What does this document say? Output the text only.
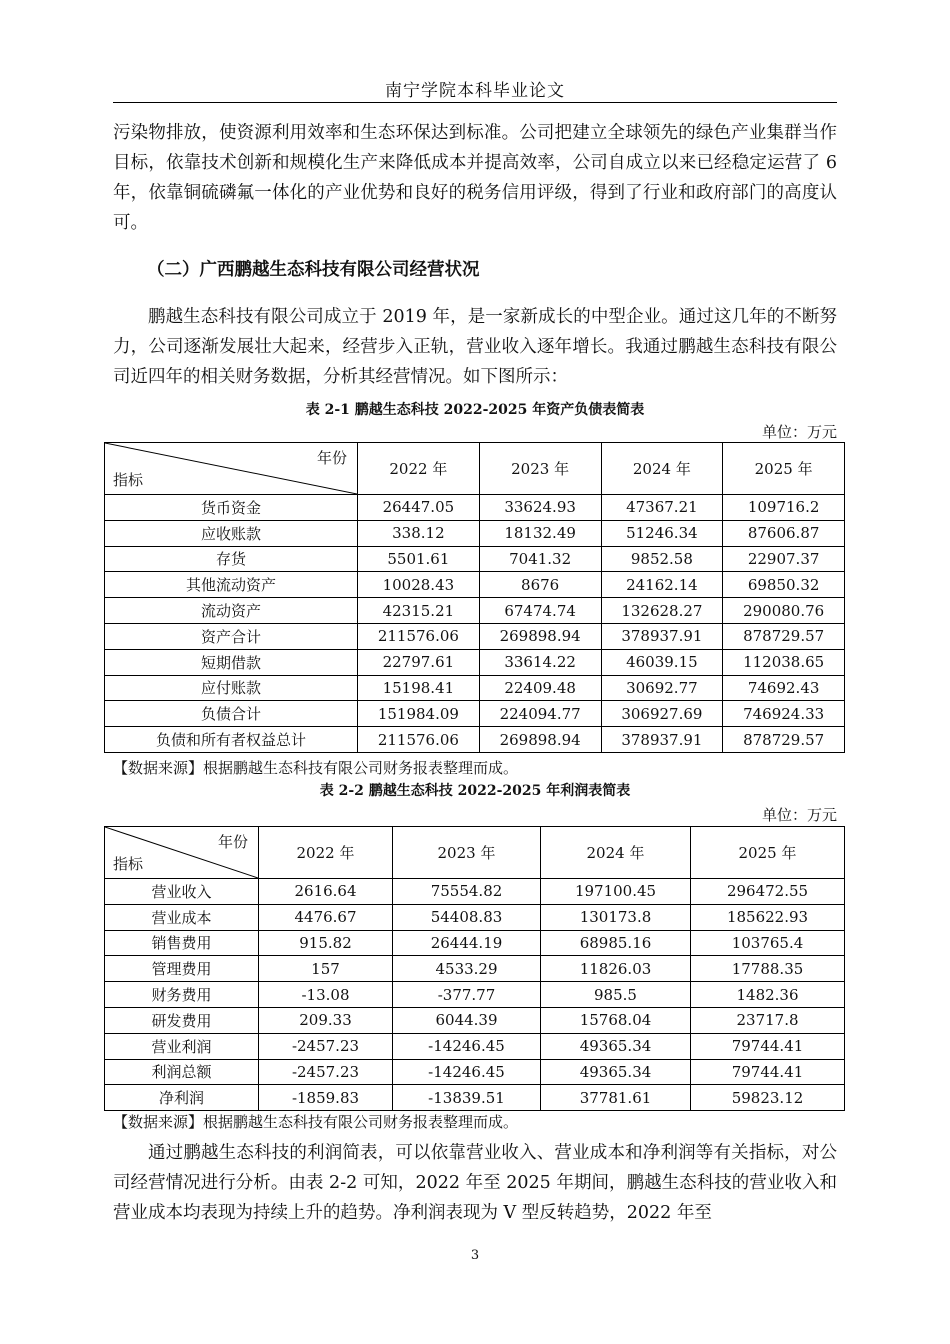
南宁学院本科毕业论文

污染物排放，使资源利用效率和生态环保达到标准。公司把建立全球领先的绿色产业集群当作目标，依靠技术创新和规模化生产来降低成本并提高效率，公司自成立以来已经稳定运营了 6 年，依靠铜硫磷氟一体化的产业优势和良好的税务信用评级，得到了行业和政府部门的高度认可。

（二）广西鹏越生态科技有限公司经营状况

鹏越生态科技有限公司成立于 2019 年，是一家新成长的中型企业。通过这几年的不断努力，公司逐渐发展壮大起来，经营步入正轨，营业收入逐年增长。我通过鹏越生态科技有限公司近四年的相关财务数据，分析其经营情况。如下图所示：

表 2-1 鹏越生态科技 2022-2025 年资产负债表简表
单位：万元
年份
指标	2022 年	2023 年	2024 年	2025 年
货币资金	26447.05	33624.93	47367.21	109716.2
应收账款	338.12	18132.49	51246.34	87606.87
存货	5501.61	7041.32	9852.58	22907.37
其他流动资产	10028.43	8676	24162.14	69850.32
流动资产	42315.21	67474.74	132628.27	290080.76
资产合计	211576.06	269898.94	378937.91	878729.57
短期借款	22797.61	33614.22	46039.15	112038.65
应付账款	15198.41	22409.48	30692.77	74692.43
负债合计	151984.09	224094.77	306927.69	746924.33
负债和所有者权益总计	211576.06	269898.94	378937.91	878729.57
【数据来源】根据鹏越生态科技有限公司财务报表整理而成。
表 2-2 鹏越生态科技 2022-2025 年利润表简表
单位：万元
年份
指标	2022 年	2023 年	2024 年	2025 年
营业收入	2616.64	75554.82	197100.45	296472.55
营业成本	4476.67	54408.83	130173.8	185622.93
销售费用	915.82	26444.19	68985.16	103765.4
管理费用	157	4533.29	11826.03	17788.35
财务费用	-13.08	-377.77	985.5	1482.36
研发费用	209.33	6044.39	15768.04	23717.8
营业利润	-2457.23	-14246.45	49365.34	79744.41
利润总额	-2457.23	-14246.45	49365.34	79744.41
净利润	-1859.83	-13839.51	37781.61	59823.12
【数据来源】根据鹏越生态科技有限公司财务报表整理而成。

通过鹏越生态科技的利润简表，可以依靠营业收入、营业成本和净利润等有关指标，对公司经营情况进行分析。由表 2-2 可知，2022 年至 2025 年期间，鹏越生态科技的营业收入和营业成本均表现为持续上升的趋势。净利润表现为 V 型反转趋势，2022 年至

3
